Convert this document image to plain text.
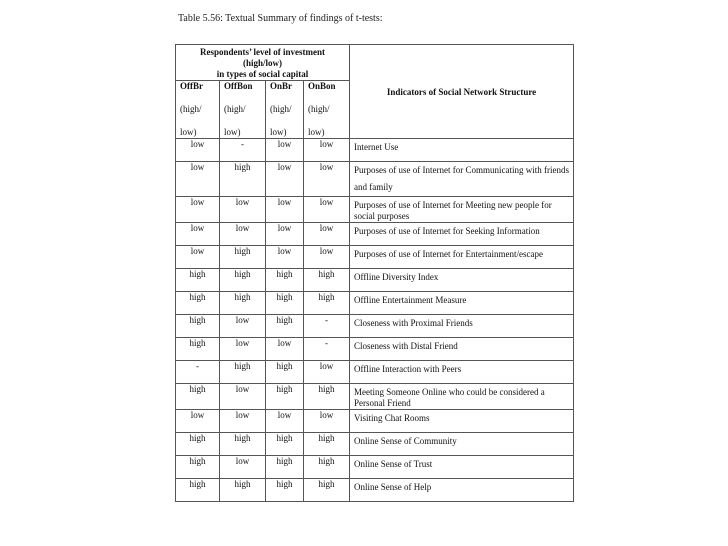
Table 5.56: Textual Summary of findings of t-tests:
Respondents’ level of investment
(high/low)
in types of social capital				Indicators of Social Network Structure

OffBr
(high/
low)	OffBon
(high/
low)	OnBr
(high/
low)	OnBon
(high/
low)	

low	-	low	low	Internet Use
low	high	low	low	Purposes of use of Internet for Communicating with friends and family
low	low	low	low	Purposes of use of Internet for Meeting new people for social purposes
low	low	low	low	Purposes of use of Internet for Seeking Information
low	high	low	low	Purposes of use of Internet for Entertainment/escape
high	high	high	high	Offline Diversity Index
high	high	high	high	Offline Entertainment Measure
high	low	high	-	Closeness with Proximal Friends
high	low	low	-	Closeness with Distal Friend
-	high	high	low	Offline Interaction with Peers
high	low	high	high	Meeting Someone Online who could be considered a Personal Friend
low	low	low	low	Visiting Chat Rooms
high	high	high	high	Online Sense of Community
high	low	high	high	Online Sense of Trust
high	high	high	high	Online Sense of Help
